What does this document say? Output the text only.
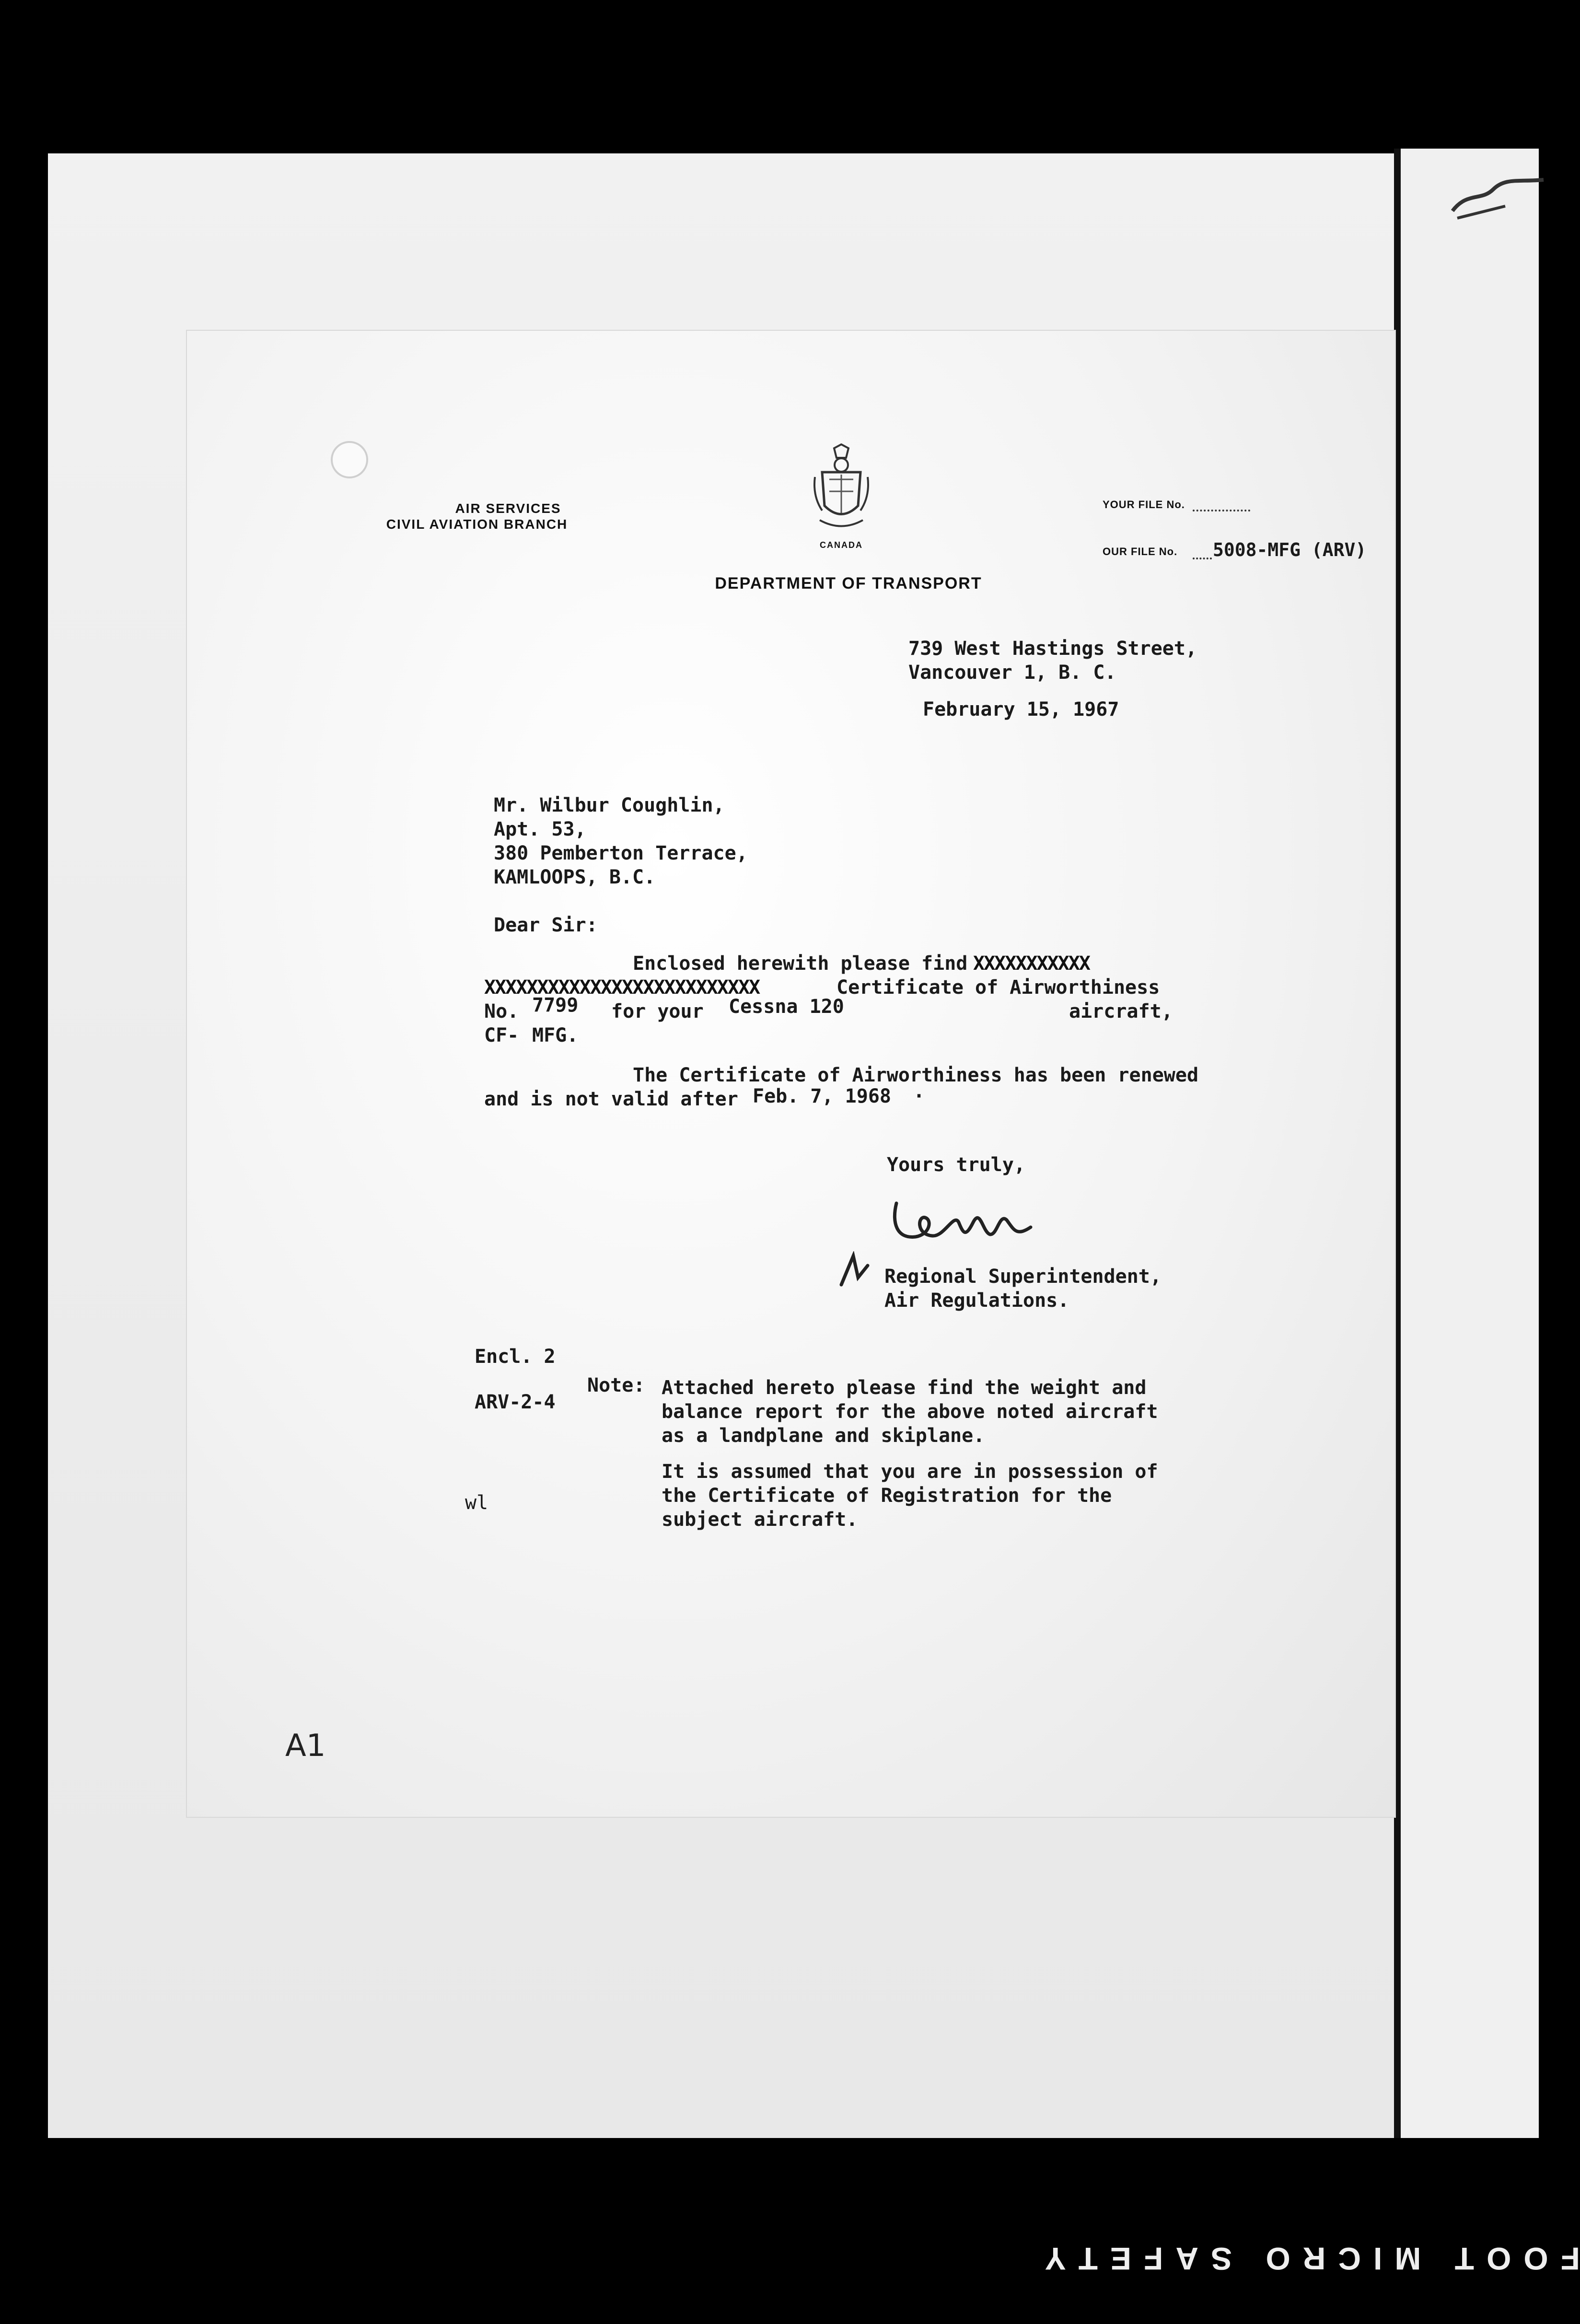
AIR SERVICES
CIVIL AVIATION BRANCH
CANADA
DEPARTMENT OF TRANSPORT
YOUR FILE No.
OUR FILE No. 5008-MFG (ARV)
739 West Hastings Street,
Vancouver 1, B. C.
February 15, 1967
Mr. Wilbur Coughlin,
Apt. 53,
380 Pemberton Terrace,
KAMLOOPS, B.C.
Dear Sir:
Enclosed herewith please find XXXXXXXXXXX
XXXXXXXXXXXXXXXXXXXXXXXXXX	Certificate of Airworthiness
No. 7799 for your Cessna 120	aircraft,
CF- MFG.
The Certificate of Airworthiness has been renewed
and is not valid after Feb. 7, 1968 ·
Yours truly,
Regional Superintendent,
Air Regulations.
Encl. 2
Note:
ARV-2-4
Attached hereto please find the weight and
balance report for the above noted aircraft
as a landplane and skiplane.
It is assumed that you are in possession of
the Certificate of Registration for the
subject aircraft.
wl
A1
FOOT MICRO SAFETY
